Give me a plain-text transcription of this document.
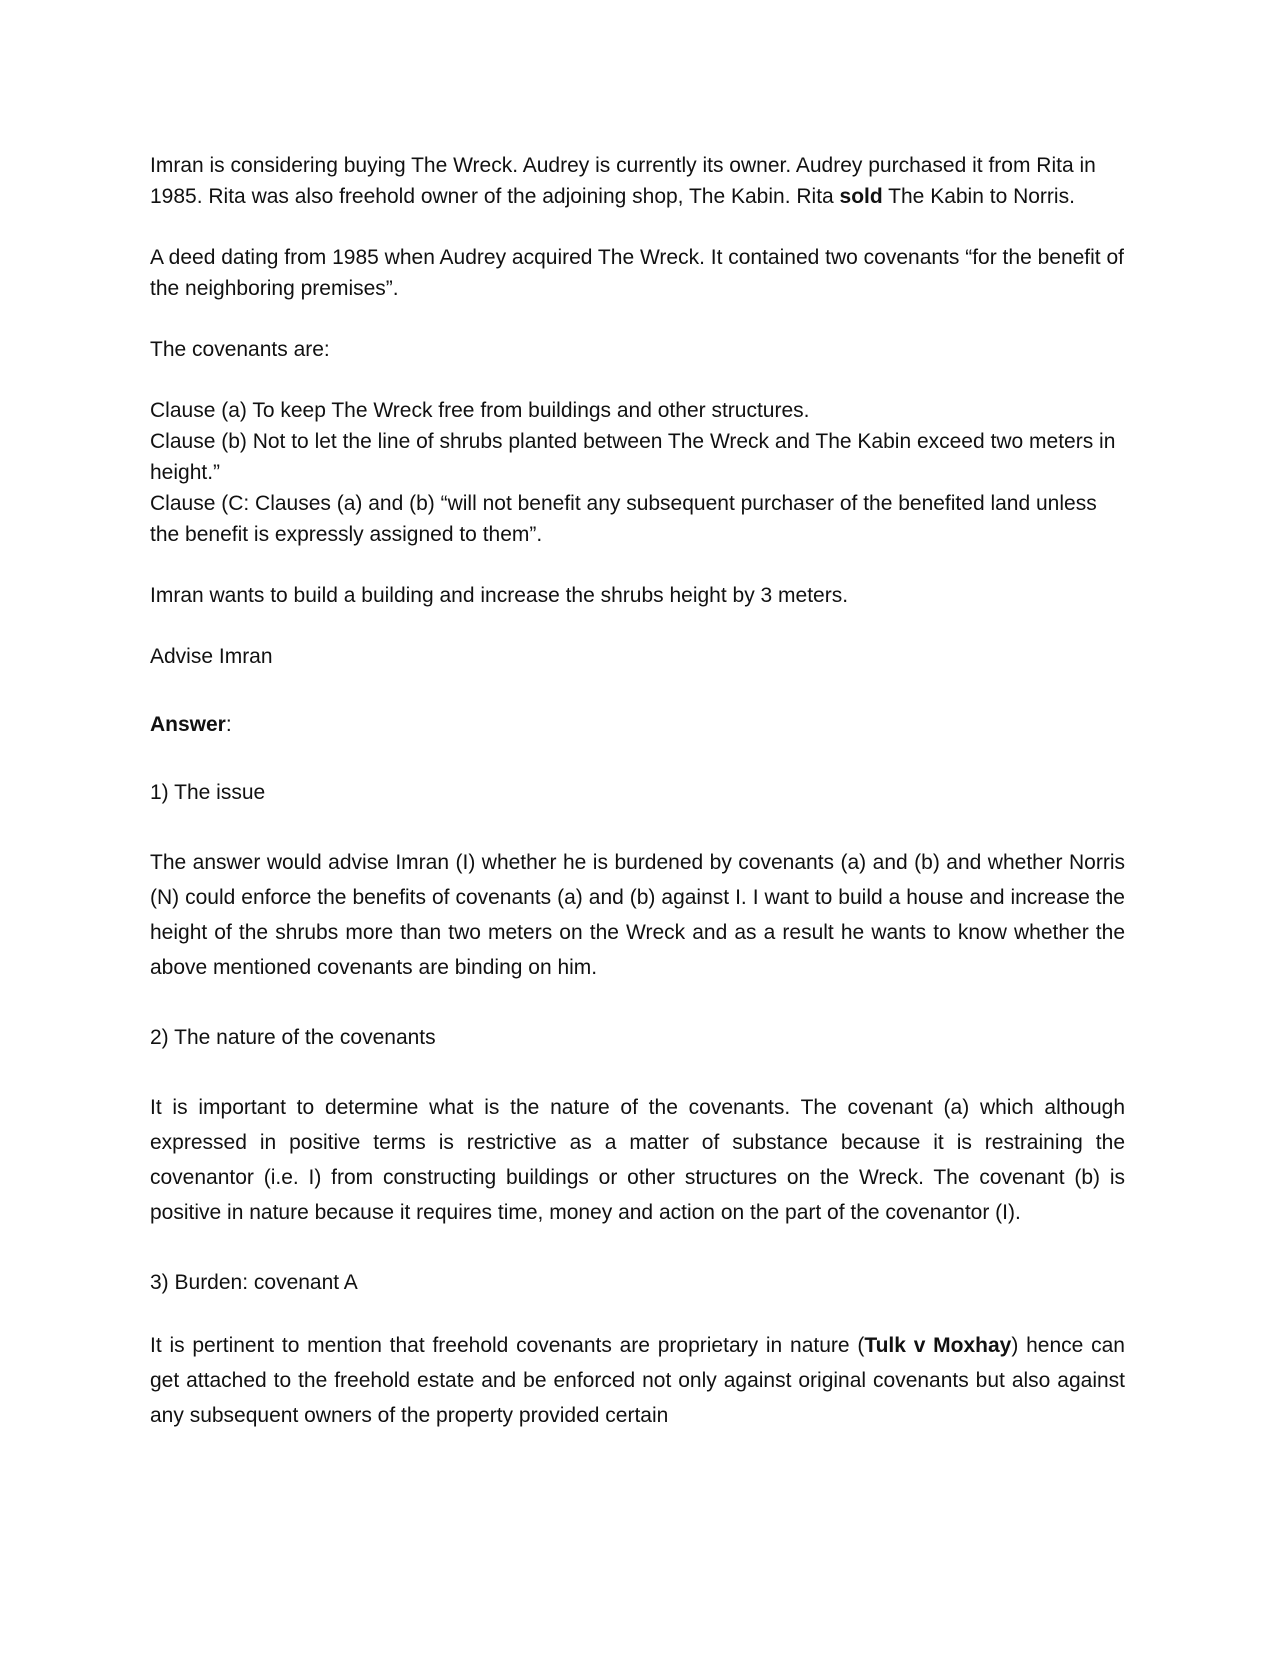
Imran is considering buying The Wreck. Audrey is currently its owner. Audrey purchased it from Rita in 1985. Rita was also freehold owner of the adjoining shop, The Kabin. Rita sold The Kabin to Norris.

A deed dating from 1985 when Audrey acquired The Wreck. It contained two covenants “for the benefit of the neighboring premises”.

The covenants are:

Clause (a) To keep The Wreck free from buildings and other structures.

Clause (b) Not to let the line of shrubs planted between The Wreck and The Kabin exceed two meters in height.”

Clause (C: Clauses (a) and (b) “will not benefit any subsequent purchaser of the benefited land unless the benefit is expressly assigned to them”.

Imran wants to build a building and increase the shrubs height by 3 meters.

Advise Imran

Answer:

1) The issue

The answer would advise Imran (I) whether he is burdened by covenants (a) and (b) and whether Norris (N) could enforce the benefits of covenants (a) and (b) against I. I want to build a house and increase the height of the shrubs more than two meters on the Wreck and as a result he wants to know whether the above mentioned covenants are binding on him.

2) The nature of the covenants

It is important to determine what is the nature of the covenants. The covenant (a) which although expressed in positive terms is restrictive as a matter of substance because it is restraining the covenantor (i.e. I) from constructing buildings or other structures on the Wreck. The covenant (b) is positive in nature because it requires time, money and action on the part of the covenantor (I).

3) Burden: covenant A

It is pertinent to mention that freehold covenants are proprietary in nature (Tulk v Moxhay) hence can get attached to the freehold estate and be enforced not only against original covenants but also against any subsequent owners of the property provided certain
